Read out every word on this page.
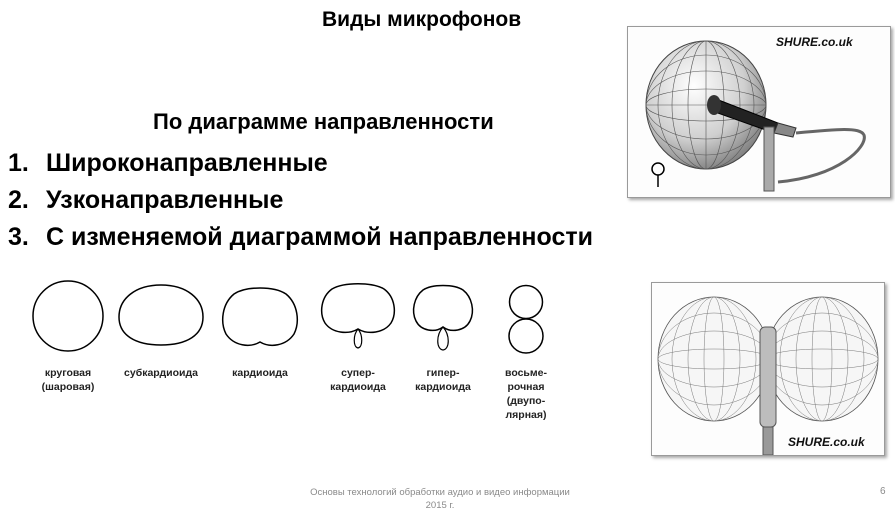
Виды микрофонов
По диаграмме направленности
1. Широконаправленные
2. Узконаправленные
3. С изменяемой диаграммой направленности
круговая
(шаровая)
субкардиоида	кардиоида	супер-
кардиоида
гипер-
кардиоида
восьме-
рочная
(двупо-
лярная)
SHURE.co.uk
SHURE.co.uk
Основы технологий обработки аудио и видео информации
2015 г.
6
